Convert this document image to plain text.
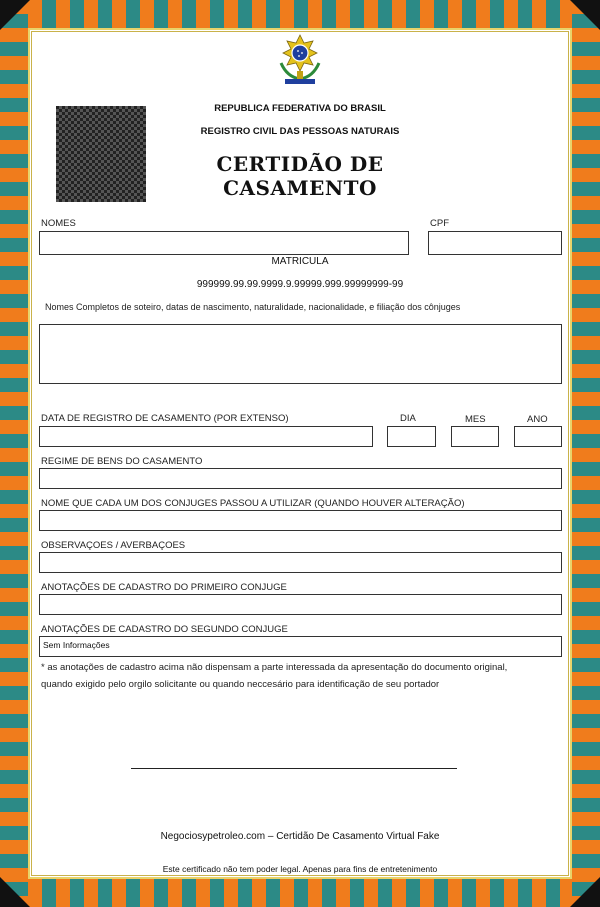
REPUBLICA FEDERATIVA DO BRASIL
REGISTRO CIVIL DAS PESSOAS NATURAIS
CERTIDÃO DE CASAMENTO
NOMES	CPF
MATRICULA
999999.99.99.9999.9.99999.999.99999999-99
Nomes Completos de soteiro, datas de nascimento, naturalidade, nacionalidade, e filiação dos cônjuges
DATA DE REGISTRO DE CASAMENTO (POR EXTENSO)	DIA	MES	ANO
REGIME DE BENS DO CASAMENTO
NOME QUE CADA UM DOS CONJUGES PASSOU A UTILIZAR (QUANDO HOUVER ALTERAÇÃO)
OBSERVAÇOES / AVERBAÇOES
ANOTAÇÕES DE CADASTRO DO PRIMEIRO CONJUGE
ANOTAÇÕES DE CADASTRO DO SEGUNDO CONJUGE
Sem Informações
* as anotações de cadastro acima não dispensam a parte interessada da apresentação do documento original,
quando exigido pelo orgilo solicitante ou quando neccesário para identificação de seu portador
Negociosypetroleo.com – Certidão De Casamento Virtual Fake
Este certificado não tem poder legal. Apenas para fins de entretenimento
